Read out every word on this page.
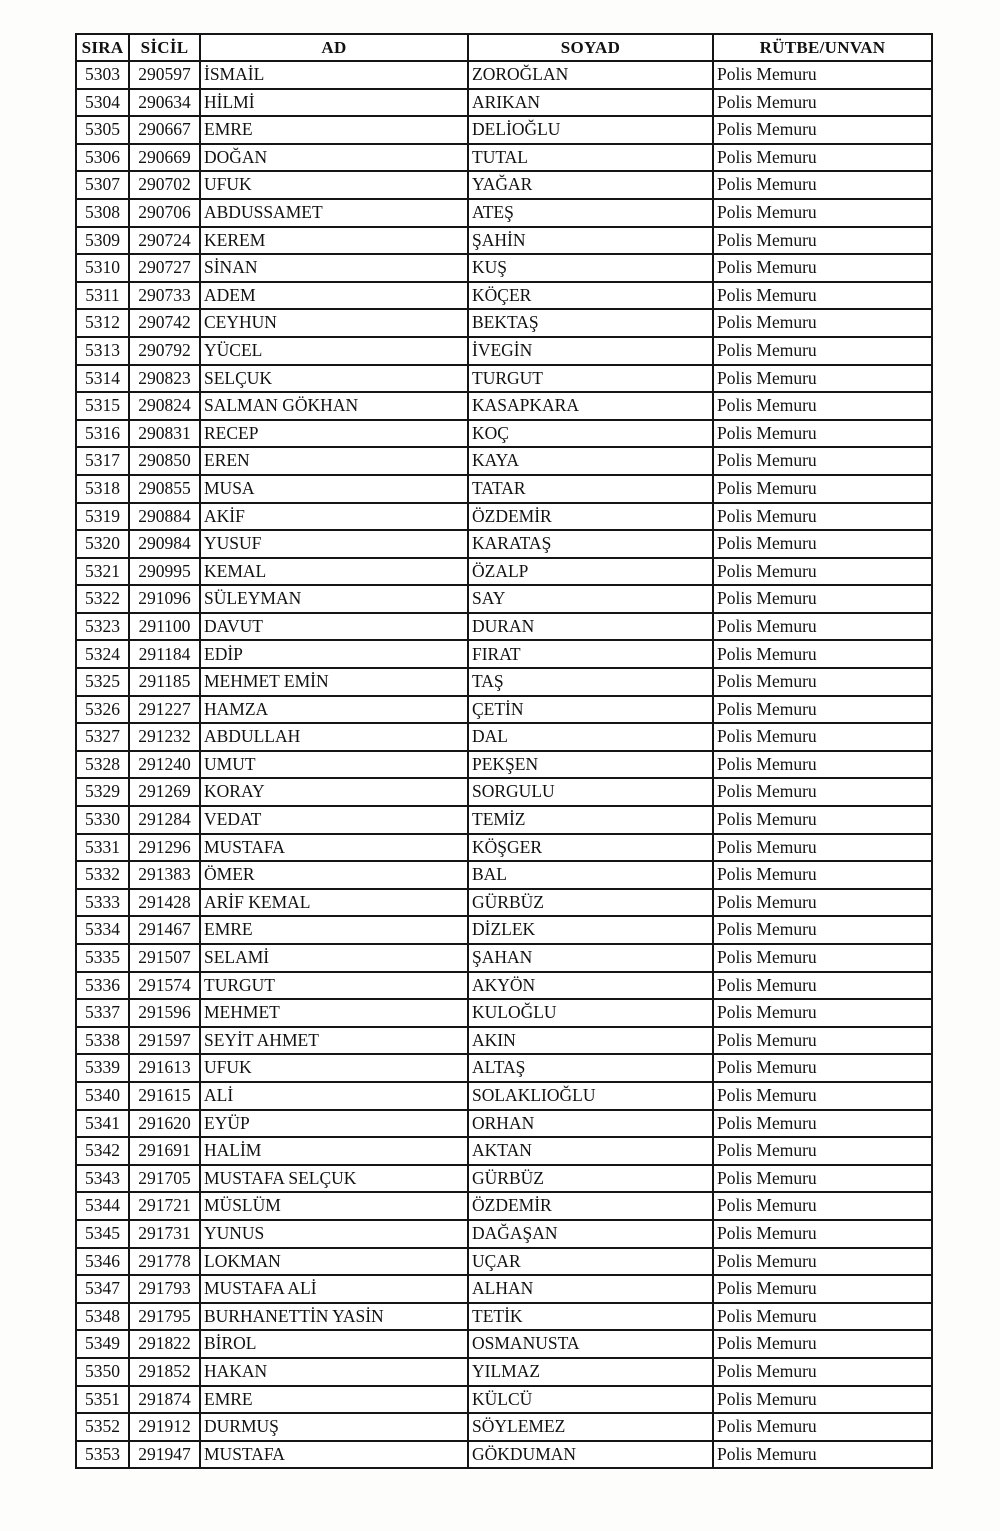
SIRA	SİCİL	AD	SOYAD	RÜTBE/UNVAN
5303	290597	İSMAİL	ZOROĞLAN	Polis Memuru
5304	290634	HİLMİ	ARIKAN	Polis Memuru
5305	290667	EMRE	DELİOĞLU	Polis Memuru
5306	290669	DOĞAN	TUTAL	Polis Memuru
5307	290702	UFUK	YAĞAR	Polis Memuru
5308	290706	ABDUSSAMET	ATEŞ	Polis Memuru
5309	290724	KEREM	ŞAHİN	Polis Memuru
5310	290727	SİNAN	KUŞ	Polis Memuru
5311	290733	ADEM	KÖÇER	Polis Memuru
5312	290742	CEYHUN	BEKTAŞ	Polis Memuru
5313	290792	YÜCEL	İVEGİN	Polis Memuru
5314	290823	SELÇUK	TURGUT	Polis Memuru
5315	290824	SALMAN GÖKHAN	KASAPKARA	Polis Memuru
5316	290831	RECEP	KOÇ	Polis Memuru
5317	290850	EREN	KAYA	Polis Memuru
5318	290855	MUSA	TATAR	Polis Memuru
5319	290884	AKİF	ÖZDEMİR	Polis Memuru
5320	290984	YUSUF	KARATAŞ	Polis Memuru
5321	290995	KEMAL	ÖZALP	Polis Memuru
5322	291096	SÜLEYMAN	SAY	Polis Memuru
5323	291100	DAVUT	DURAN	Polis Memuru
5324	291184	EDİP	FIRAT	Polis Memuru
5325	291185	MEHMET EMİN	TAŞ	Polis Memuru
5326	291227	HAMZA	ÇETİN	Polis Memuru
5327	291232	ABDULLAH	DAL	Polis Memuru
5328	291240	UMUT	PEKŞEN	Polis Memuru
5329	291269	KORAY	SORGULU	Polis Memuru
5330	291284	VEDAT	TEMİZ	Polis Memuru
5331	291296	MUSTAFA	KÖŞGER	Polis Memuru
5332	291383	ÖMER	BAL	Polis Memuru
5333	291428	ARİF KEMAL	GÜRBÜZ	Polis Memuru
5334	291467	EMRE	DİZLEK	Polis Memuru
5335	291507	SELAMİ	ŞAHAN	Polis Memuru
5336	291574	TURGUT	AKYÖN	Polis Memuru
5337	291596	MEHMET	KULOĞLU	Polis Memuru
5338	291597	SEYİT AHMET	AKIN	Polis Memuru
5339	291613	UFUK	ALTAŞ	Polis Memuru
5340	291615	ALİ	SOLAKLIOĞLU	Polis Memuru
5341	291620	EYÜP	ORHAN	Polis Memuru
5342	291691	HALİM	AKTAN	Polis Memuru
5343	291705	MUSTAFA SELÇUK	GÜRBÜZ	Polis Memuru
5344	291721	MÜSLÜM	ÖZDEMİR	Polis Memuru
5345	291731	YUNUS	DAĞAŞAN	Polis Memuru
5346	291778	LOKMAN	UÇAR	Polis Memuru
5347	291793	MUSTAFA ALİ	ALHAN	Polis Memuru
5348	291795	BURHANETTİN YASİN	TETİK	Polis Memuru
5349	291822	BİROL	OSMANUSTA	Polis Memuru
5350	291852	HAKAN	YILMAZ	Polis Memuru
5351	291874	EMRE	KÜLCÜ	Polis Memuru
5352	291912	DURMUŞ	SÖYLEMEZ	Polis Memuru
5353	291947	MUSTAFA	GÖKDUMAN	Polis Memuru
